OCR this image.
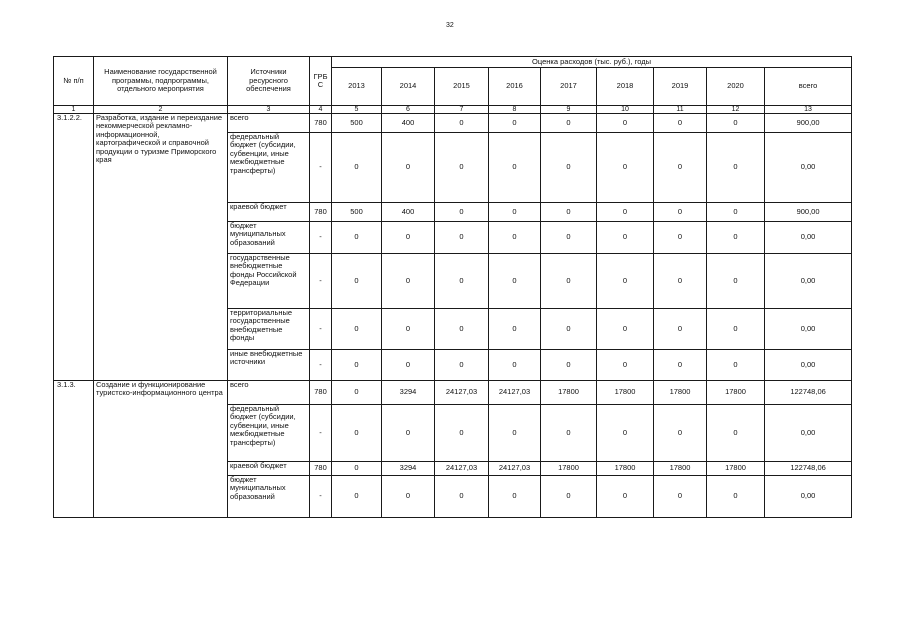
32
№ п/п	Наименование государственной программы, подпрограммы, отдельного мероприятия	Источники ресурсного обеспечения	ГРБ С	Оценка расходов (тыс. руб.), годы								
				2013	2014	2015	2016	2017	2018	2019	2020	всего
1	2	3	4	5	6	7	8	9	10	11	12	13
3.1.2.2.	Разработка, издание и переиздание некоммерческой рекламно-информационной, картографической и справочной продукции о туризме Приморского края	всего	780	500	400	0	0	0	0	0	0	900,00
		федеральный бюджет (субсидии, субвенции, иные межбюджетные трансферты)	-	0	0	0	0	0	0	0	0	0,00
		краевой бюджет	780	500	400	0	0	0	0	0	0	900,00
		бюджет муниципальных образований	-	0	0	0	0	0	0	0	0	0,00
		государственные внебюджетные фонды Российской Федерации	-	0	0	0	0	0	0	0	0	0,00
		территориальные государственные внебюджетные фонды	-	0	0	0	0	0	0	0	0	0,00
		иные внебюджетные источники	-	0	0	0	0	0	0	0	0	0,00
3.1.3.	Создание и функционирование туристско-информационного центра	всего	780	0	3294	24127,03	24127,03	17800	17800	17800	17800	122748,06
		федеральный бюджет (субсидии, субвенции, иные межбюджетные трансферты)	-	0	0	0	0	0	0	0	0	0,00
		краевой бюджет	780	0	3294	24127,03	24127,03	17800	17800	17800	17800	122748,06
		бюджет муниципальных образований	-	0	0	0	0	0	0	0	0	0,00
